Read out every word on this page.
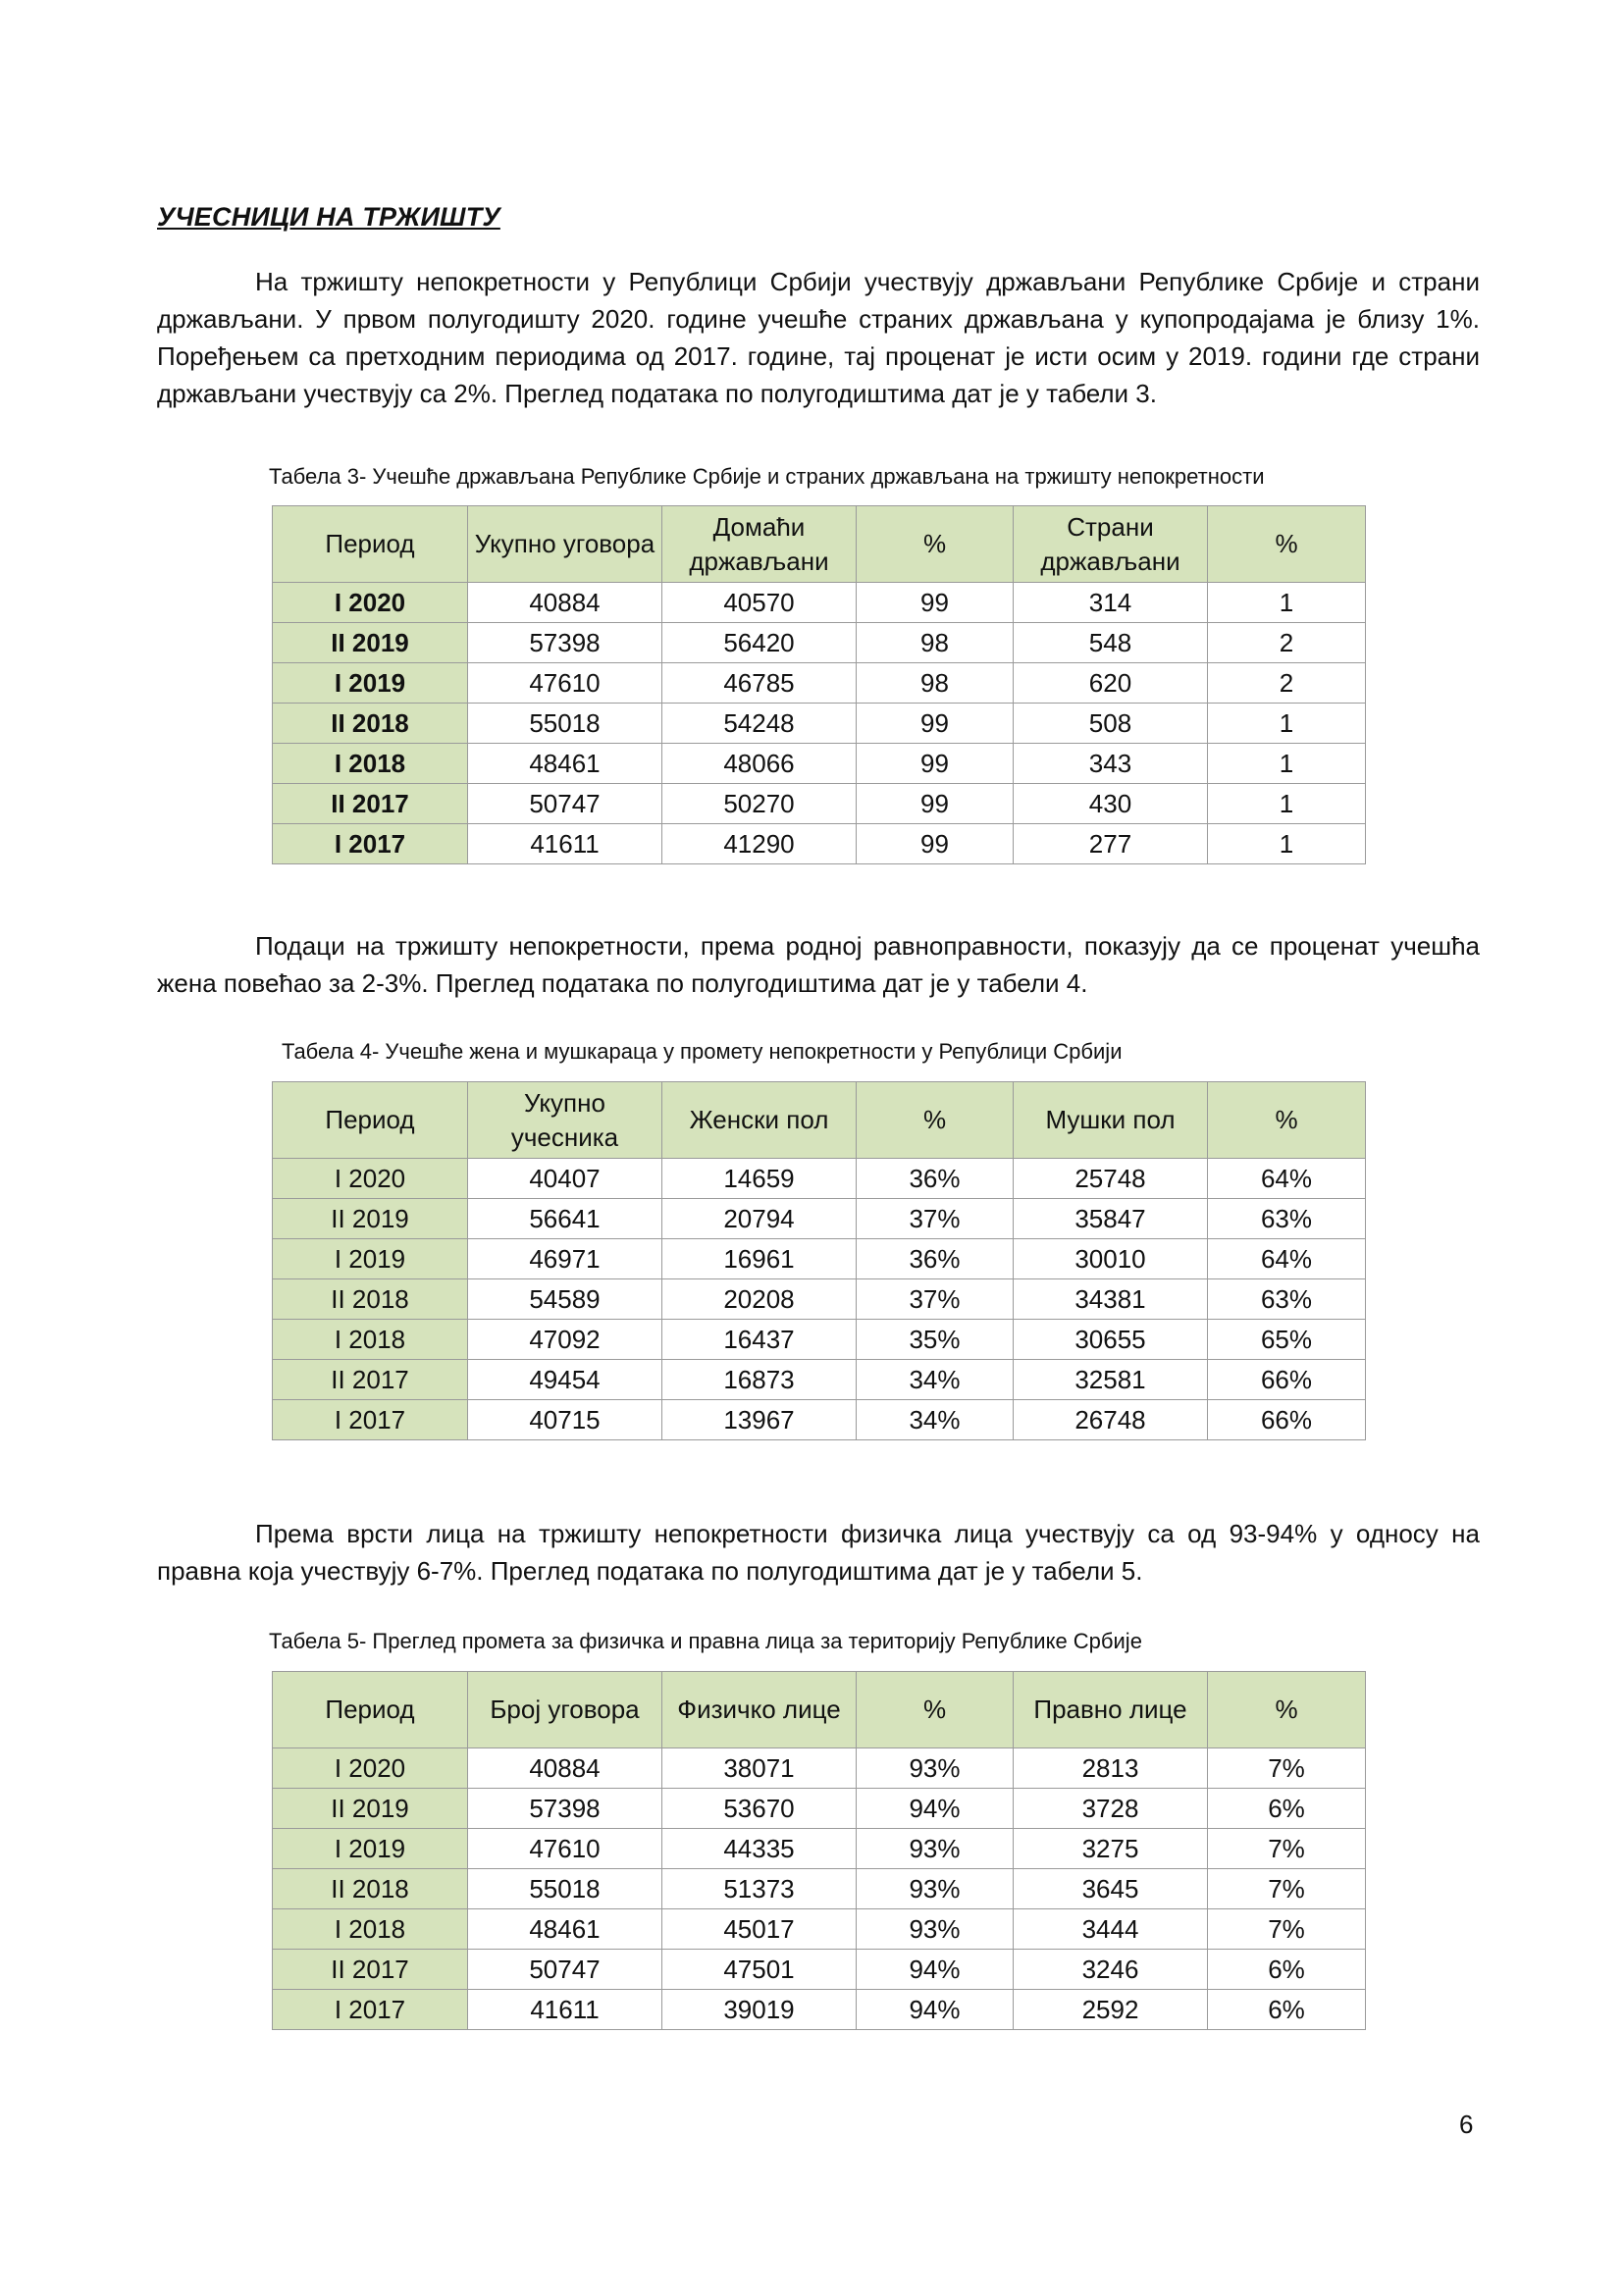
УЧЕСНИЦИ НА ТРЖИШТУ

На тржишту непокретности у Републици Србији учествују држављани Републике Србије и страни држављани. У првом полугодишту 2020. године учешће страних држављана у купопродајама је близу 1%. Поређењем са претходним периодима од 2017. године, тај проценат је исти осим у 2019. години где страни држављани учествују са 2%. Преглед података по полугодиштима дат је у табели 3.

Табела 3- Учешће држављана Републике Србије и страних држављана на тржишту непокретности
Период	Укупно уговора	Домаћи држављани	%	Страни држављани	%
I 2020	40884	40570	99	314	1
II 2019	57398	56420	98	548	2
I 2019	47610	46785	98	620	2
II 2018	55018	54248	99	508	1
I 2018	48461	48066	99	343	1
II 2017	50747	50270	99	430	1
I 2017	41611	41290	99	277	1

Подаци на тржишту непокретности, према родној равноправности, показују да се проценат учешћа жена повећао за 2-3%. Преглед података по полугодиштима дат је у табели 4.

Табела 4- Учешће жена и мушкараца у промету непокретности у Републици Србији
Период	Укупно учесника	Женски пол	%	Мушки пол	%
I 2020	40407	14659	36%	25748	64%
II 2019	56641	20794	37%	35847	63%
I 2019	46971	16961	36%	30010	64%
II 2018	54589	20208	37%	34381	63%
I 2018	47092	16437	35%	30655	65%
II 2017	49454	16873	34%	32581	66%
I 2017	40715	13967	34%	26748	66%

Према врсти лица на тржишту непокретности физичка лица учествују са од 93-94% у односу на правна која учествују 6-7%. Преглед података по полугодиштима дат је у табели 5.

Табела 5- Преглед промета за физичка и правна лица за територију Републике Србије
Период	Број уговора	Физичко лице	%	Правно лице	%
I 2020	40884	38071	93%	2813	7%
II 2019	57398	53670	94%	3728	6%
I 2019	47610	44335	93%	3275	7%
II 2018	55018	51373	93%	3645	7%
I 2018	48461	45017	93%	3444	7%
II 2017	50747	47501	94%	3246	6%
I 2017	41611	39019	94%	2592	6%
6
